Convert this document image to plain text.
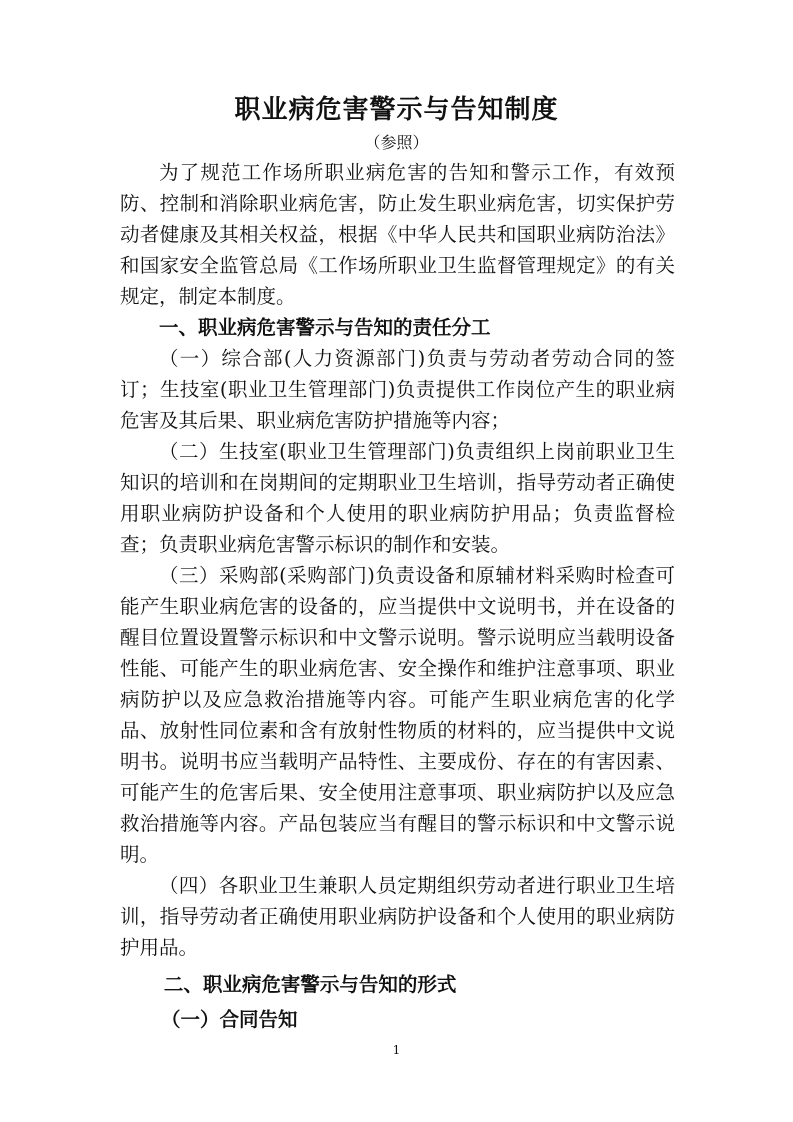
职业病危害警示与告知制度
（参照）

为了规范工作场所职业病危害的告知和警示工作，有效预防、控制和消除职业病危害，防止发生职业病危害，切实保护劳动者健康及其相关权益，根据《中华人民共和国职业病防治法》和国家安全监管总局《工作场所职业卫生监督管理规定》的有关规定，制定本制度。

一、职业病危害警示与告知的责任分工

（一）综合部(人力资源部门)负责与劳动者劳动合同的签订；生技室(职业卫生管理部门)负责提供工作岗位产生的职业病危害及其后果、职业病危害防护措施等内容；

（二）生技室(职业卫生管理部门)负责组织上岗前职业卫生知识的培训和在岗期间的定期职业卫生培训，指导劳动者正确使用职业病防护设备和个人使用的职业病防护用品；负责监督检查；负责职业病危害警示标识的制作和安装。

（三）采购部(采购部门)负责设备和原辅材料采购时检查可能产生职业病危害的设备的，应当提供中文说明书，并在设备的醒目位置设置警示标识和中文警示说明。警示说明应当载明设备性能、可能产生的职业病危害、安全操作和维护注意事项、职业病防护以及应急救治措施等内容。可能产生职业病危害的化学品、放射性同位素和含有放射性物质的材料的，应当提供中文说明书。说明书应当载明产品特性、主要成份、存在的有害因素、可能产生的危害后果、安全使用注意事项、职业病防护以及应急救治措施等内容。产品包装应当有醒目的警示标识和中文警示说明。

（四）各职业卫生兼职人员定期组织劳动者进行职业卫生培训，指导劳动者正确使用职业病防护设备和个人使用的职业病防护用品。

二、职业病危害警示与告知的形式

（一）合同告知

1
